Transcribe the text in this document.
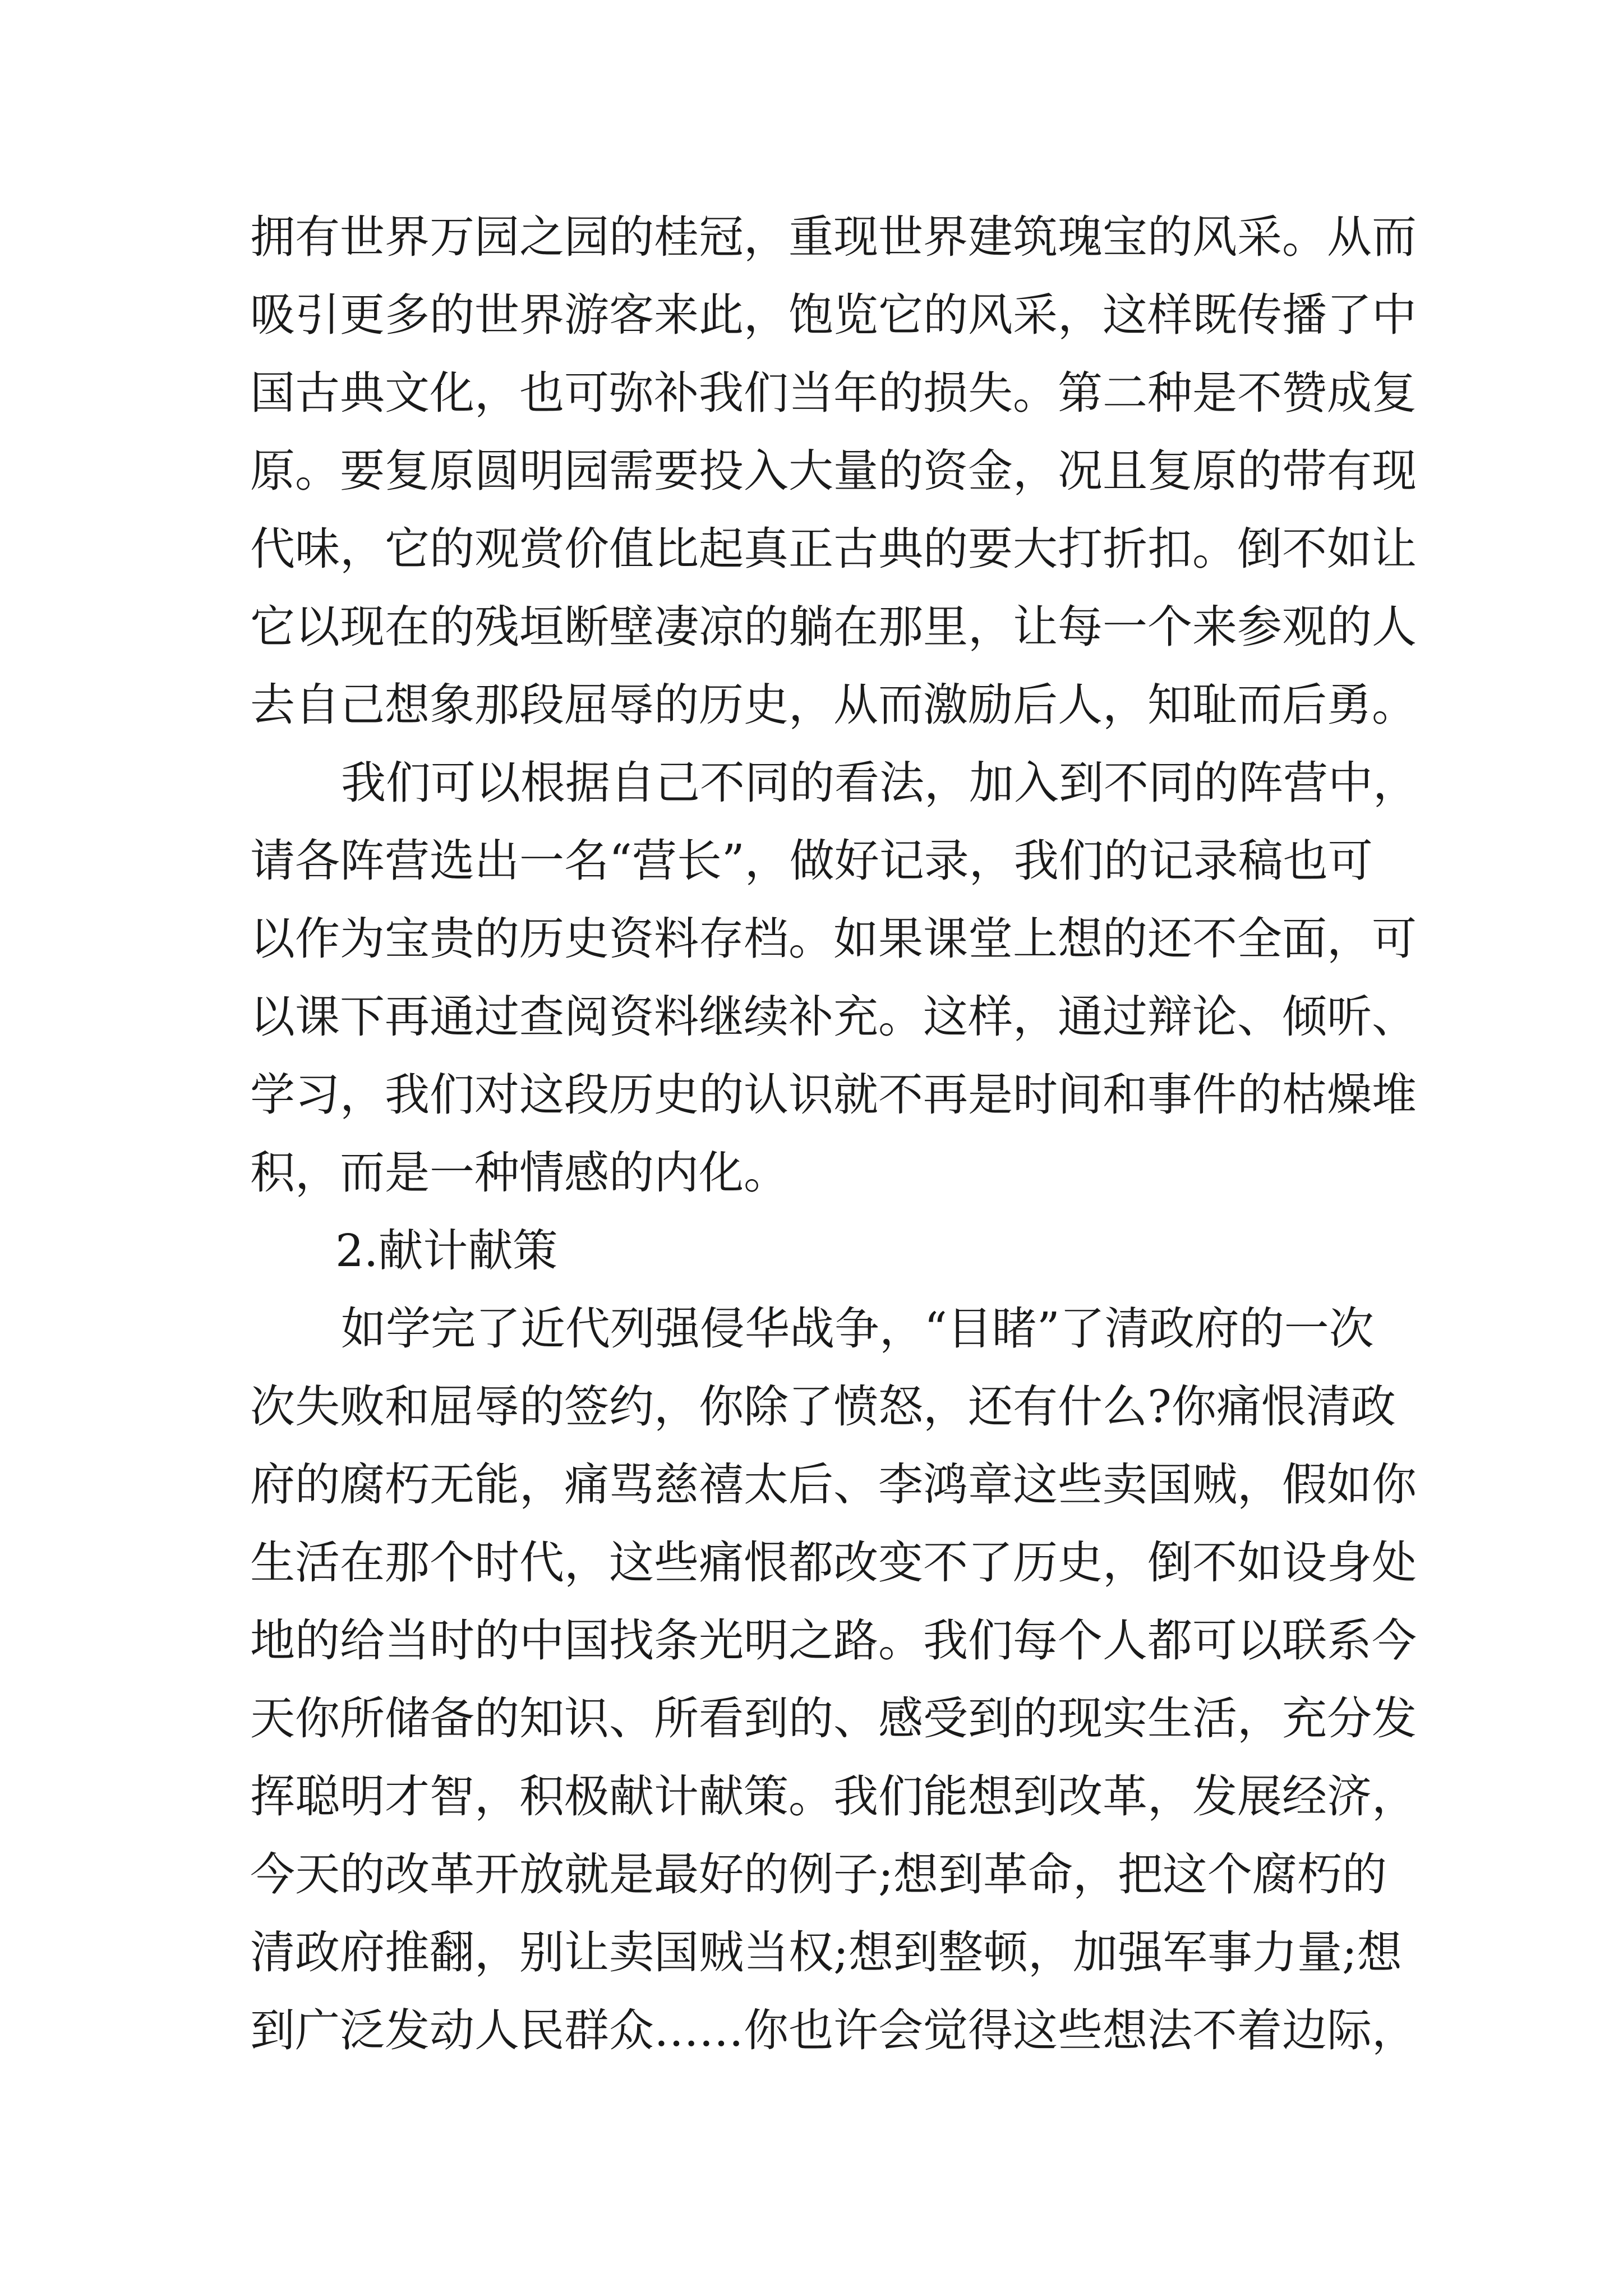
拥有世界万园之园的桂冠，重现世界建筑瑰宝的风采。从而
吸引更多的世界游客来此，饱览它的风采，这样既传播了中
国古典文化，也可弥补我们当年的损失。第二种是不赞成复
原。要复原圆明园需要投入大量的资金，况且复原的带有现
代味，它的观赏价值比起真正古典的要大打折扣。倒不如让
它以现在的残垣断壁凄凉的躺在那里，让每一个来参观的人
去自己想象那段屈辱的历史，从而激励后人，知耻而后勇。
我们可以根据自己不同的看法，加入到不同的阵营中，
请各阵营选出一名“营长”，做好记录，我们的记录稿也可
以作为宝贵的历史资料存档。如果课堂上想的还不全面，可
以课下再通过查阅资料继续补充。这样，通过辩论、倾听、
学习，我们对这段历史的认识就不再是时间和事件的枯燥堆
积，而是一种情感的内化。
2.献计献策
如学完了近代列强侵华战争，“目睹”了清政府的一次
次失败和屈辱的签约，你除了愤怒，还有什么?你痛恨清政
府的腐朽无能，痛骂慈禧太后、李鸿章这些卖国贼，假如你
生活在那个时代，这些痛恨都改变不了历史，倒不如设身处
地的给当时的中国找条光明之路。我们每个人都可以联系今
天你所储备的知识、所看到的、感受到的现实生活，充分发
挥聪明才智，积极献计献策。我们能想到改革，发展经济，
今天的改革开放就是最好的例子;想到革命，把这个腐朽的
清政府推翻，别让卖国贼当权;想到整顿，加强军事力量;想
到广泛发动人民群众……你也许会觉得这些想法不着边际，
